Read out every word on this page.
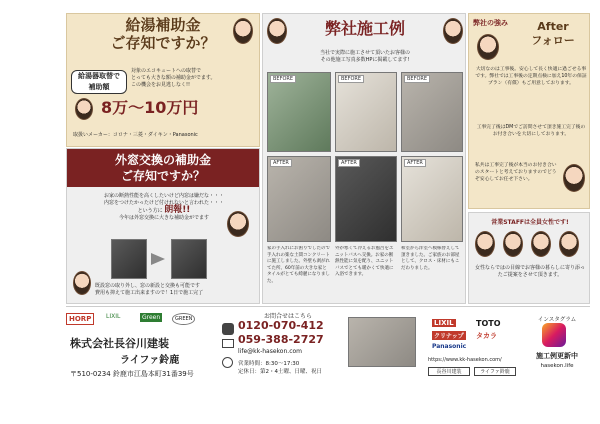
給湯補助金
ご存知ですか？
給湯器取替で
補助額
対象のエコキュートへの取替で
とっても大きな額の補助金がでます。
この機会をお見逃しなく!!
8万～10万円
取扱いメーカー：コロナ・三菱・ダイキン・Panasonic
外窓交換の補助金
ご存知ですか？
お家の断熱性能を高くしたいけど内窓は嫌だな・・・
内窓をつけたかったけど付けれないと言われた・・・
という方に 朗報!!
今年は外窓交換に大きな補助金がでます
既設窓の取り外し、窓の新設と交換も可能です
費用も抑えて施工出来ますので！1日で施工完了
弊社施工例
当社で実際に施工させて頂いたお客様の
その他施工写真多数HPに掲載してます!
BEFORE	BEFORE	BEFORE
AFTER	AFTER	AFTER
家の手入れにお困りでしたので手入れの楽な土間コンクリートに施工しました。外壁も剥がれてた所、60年前の大きな家とタイルがとても綺麗になりました。
外が寒くて冷えるお風呂をユニットバスへ交換。お家の断熱性能に気を配り、ユニットバスでとても暖かくて快適に入浴できます。
和室から洋室へ模様替えして頂きました。ご家族のお部屋として、クロス・床材にもこだわりました。
弊社の強み	After
フォロー
大切なのは工事後。安心して長く快適に過ごせる事です。弊社では工事後の定期点検に加え10年の保証プラン（有償）もご用意しております。
工事完了後はDMでご訪問させて頂き施工完了後のお付き合いを大切にしております。
私共は工事完了後が本当のお付き合いのスタートと考えておりますのでどうぞ安心してお任せ下さい。
営業STAFFは全員女性です!
女性ならではの目線でお客様の暮らしに寄り添ったご提案をさせて頂きます。
HORP	LIXIL	Green	GREEN
株式会社長谷川建装
ライファ鈴鹿
〒510-0234 鈴鹿市江島本町31番39号
お問合せはこちら
0120-070-412
059-388-2727
life@kk-hasekon.com
営業時間：8:30～17:30
定休日：第2・4土曜、日曜、祝日
LIXIL	TOTO
クリナップ タカラ
Panasonic
https://www.kk-hasekon.com/
長谷川建装	ライファ鈴鹿
インスタグラム
施工例更新中
hasekon.life
